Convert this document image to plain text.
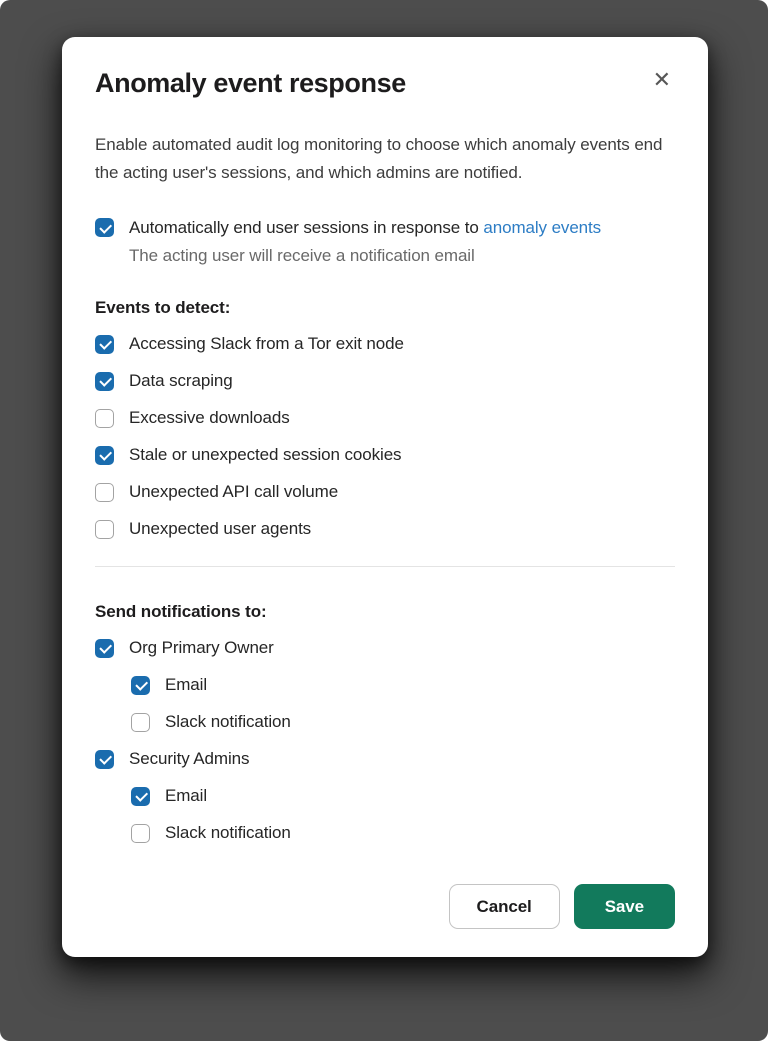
Anomaly event response	✕

Enable automated audit log monitoring to choose which anomaly events end the acting user's sessions, and which admins are notified.

Automatically end user sessions in response to anomaly events
The acting user will receive a notification email
Events to detect:
Accessing Slack from a Tor exit node
Data scraping
Excessive downloads
Stale or unexpected session cookies
Unexpected API call volume
Unexpected user agents
Send notifications to:
Org Primary Owner
Email
Slack notification
Security Admins
Email
Slack notification
Cancel	Save
